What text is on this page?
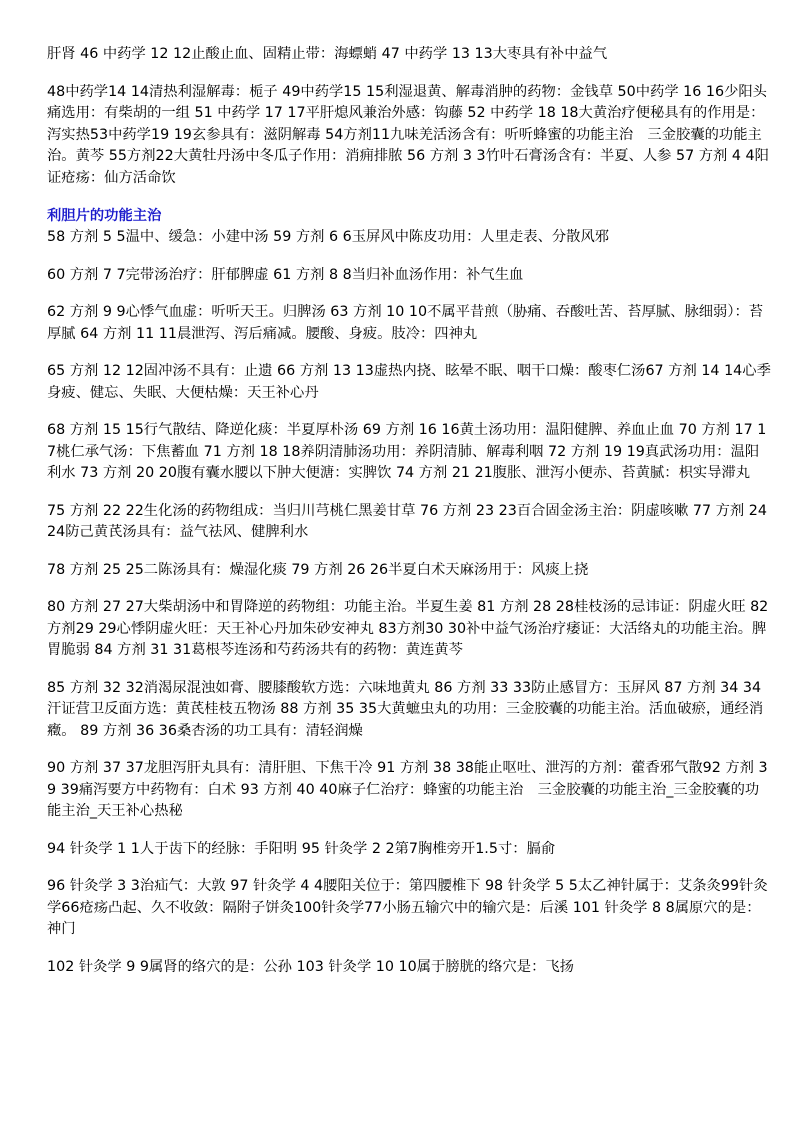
肝肾 46 中药学 12 12止酸止血、固精止带：海螵蛸 47 中药学 13 13大枣具有补中益气

48中药学14 14清热利湿解毒：栀子 49中药学15 15利湿退黄、解毒消肿的药物：金钱草 50中药学 16 16少阳头痛选用：有柴胡的一组 51 中药学 17 17平肝熄风兼治外感：钩藤 52 中药学 18 18大黄治疗便秘具有的作用是：泻实热53中药学19 19玄参具有：滋阴解毒 54方剂11九味羌活汤含有：听听蜂蜜的功能主治　三金胶囊的功能主治。黄芩 55方剂22大黄牡丹汤中冬瓜子作用：消痈排脓 56 方剂 3 3竹叶石膏汤含有：半夏、人参 57 方剂 4 4阳证疮疡：仙方活命饮

利胆片的功能主治

58 方剂 5 5温中、缓急：小建中汤 59 方剂 6 6玉屏风中陈皮功用：人里走表、分散风邪

60 方剂 7 7完带汤治疗：肝郁脾虚 61 方剂 8 8当归补血汤作用：补气生血

62 方剂 9 9心悸气血虚：听听天王。归脾汤 63 方剂 10 10不属平昔煎（胁痛、吞酸吐苦、苔厚腻、脉细弱）：苔厚腻 64 方剂 11 11晨泄泻、泻后痛减。腰酸、身疲。肢冷：四神丸

65 方剂 12 12固冲汤不具有：止遗 66 方剂 13 13虚热内挠、眩晕不眠、咽干口燥：酸枣仁汤67 方剂 14 14心季身疲、健忘、失眠、大便枯燥：天王补心丹

68 方剂 15 15行气散结、降逆化痰：半夏厚朴汤 69 方剂 16 16黄土汤功用：温阳健脾、养血止血 70 方剂 17 17桃仁承气汤：下焦蓄血 71 方剂 18 18养阴清肺汤功用：养阴清肺、解毒利咽 72 方剂 19 19真武汤功用：温阳利水 73 方剂 20 20腹有囊水腰以下肿大便溏：实脾饮 74 方剂 21 21腹胀、泄泻小便赤、苔黄腻：枳实导滞丸

75 方剂 22 22生化汤的药物组成：当归川芎桃仁黑姜甘草 76 方剂 23 23百合固金汤主治：阴虚咳嗽 77 方剂 24 24防己黄芪汤具有：益气祛风、健脾利水

78 方剂 25 25二陈汤具有：燥湿化痰 79 方剂 26 26半夏白术天麻汤用于：风痰上挠

80 方剂 27 27大柴胡汤中和胃降逆的药物组：功能主治。半夏生姜 81 方剂 28 28桂枝汤的忌讳证：阴虚火旺 82方剂29 29心悸阴虚火旺：天王补心丹加朱砂安神丸 83方剂30 30补中益气汤治疗痿证：大活络丸的功能主治。脾胃脆弱 84 方剂 31 31葛根芩连汤和芍药汤共有的药物：黄连黄芩

85 方剂 32 32消渴尿混浊如膏、腰膝酸软方选：六味地黄丸 86 方剂 33 33防止感冒方：玉屏风 87 方剂 34 34汗证营卫反面方选：黄芪桂枝五物汤 88 方剂 35 35大黄蟅虫丸的功用：三金胶囊的功能主治。活血破瘀，通经消癥。 89 方剂 36 36桑杏汤的功工具有：清轻润燥

90 方剂 37 37龙胆泻肝丸具有：清肝胆、下焦干冷 91 方剂 38 38能止呕吐、泄泻的方剂：藿香邪气散92 方剂 39 39痛泻要方中药物有：白术 93 方剂 40 40麻子仁治疗：蜂蜜的功能主治　三金胶囊的功能主治_三金胶囊的功能主治_天王补心热秘

94 针灸学 1 1人于齿下的经脉：手阳明 95 针灸学 2 2第7胸椎旁开1.5寸：膈俞

96 针灸学 3 3治疝气：大敦 97 针灸学 4 4腰阳关位于：第四腰椎下 98 针灸学 5 5太乙神针属于：艾条灸99针灸学66疮疡凸起、久不收敛：隔附子饼灸100针灸学77小肠五输穴中的输穴是：后溪 101 针灸学 8 8属原穴的是：神门

102 针灸学 9 9属肾的络穴的是：公孙 103 针灸学 10 10属于膀胱的络穴是：飞扬
